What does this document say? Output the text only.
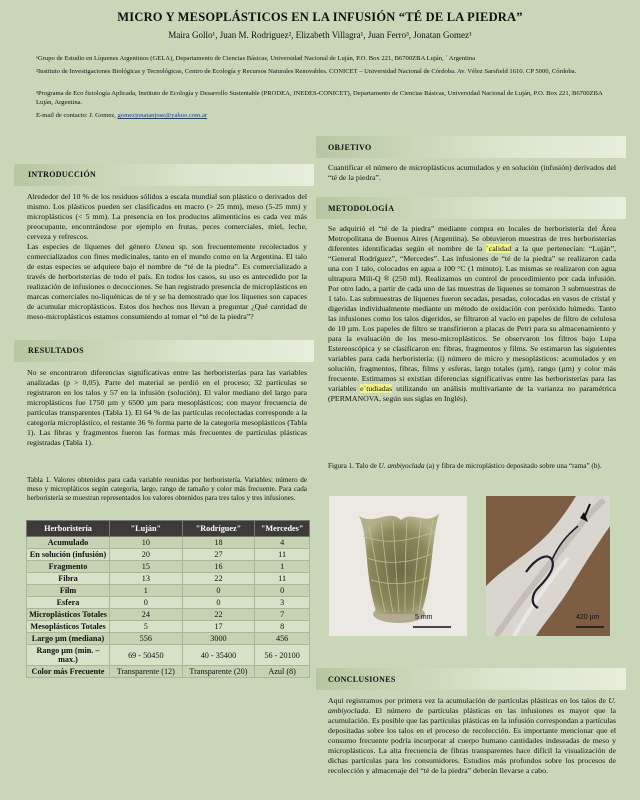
MICRO Y MESOPLÁSTICOS EN LA INFUSIÓN “TÉ DE LA PIEDRA”
Maira Gollo¹, Juan M. Rodriguez², Elizabeth Villagra¹, Juan Ferro³, Jonatan Gomez¹
¹Grupo de Estudio en Líquenes Argentinos (GELA), Departamento de Ciencias Básicas, Universidad Nacional de Luján, P.O. Box 221, B6700ZBA Luján, ´ Argentina
²Instituto de Investigaciones Biológicas y Tecnológicas, Centro de Ecología y Recursos Naturales Renovables. CONICET – Universidad Nacional de Córdoba. Av. Vélez Sarsfield 1610. CP 5000, Córdoba.
³Programa de Eco fisiología Aplicada, Instituto de Ecología y Desarrollo Sustentable (PRODEA, INEDES-CONICET), Departamento de Ciencias Básicas, Universidad Nacional de Luján, P.O. Box 221, B6700ZBA Luján, Argentina.
E-mail de contacto: J. Gomez, gomezjonatanjose@yahoo.com.ar
INTRODUCCIÓN
Alrededor del 10 % de los residuos sólidos a escala mundial son plástico o derivados del mismo. Los plásticos pueden ser clasificados en macro (> 25 mm), meso (5-25 mm) y microplásticos (< 5 mm). La presencia en los productos alimenticios es cada vez más preocupante, encontrándose por ejemplo en frutas, peces comerciales, miel, leche, cerveza y refrescos.
Las especies de líquenes del género Usnea sp. son frecuentemente recolectados y comercializados con fines medicinales, tanto en el mundo como en la Argentina. El talo de estas especies se adquiere bajo el nombre de “té de la piedra”. Es comercializado a través de herboristerías de todo el país. En todos los casos, su uso es antecedido por la realización de infusiones o decocciones. Se han registrado presencia de microplásticos en marcas comerciales no-liquénicas de té y se ha demostrado que los líquenes son capaces de acumular microplásticos. Estos dos hechos nos llevan a preguntar ¿Qué cantidad de meso-microplásticos estamos consumiendo al tomar el “té de la piedra”?
RESULTADOS
No se encontraron diferencias significativas entre las herboristerías para las variables analizadas (p > 0,05). Parte del material se perdió en el proceso; 32 partículas se registraron en los talos y 57 en la infusión (solución). El valor mediano del largo para microplásticos fue 1750 µm y 6500 µm para mesoplásticos; con mayor frecuencia de partículas transparentes (Tabla 1). El 64 % de las partículas recolectadas corresponde a la categoría microplástico, el restante 36 % forma parte de la categoría mesoplásticos (Tabla 1). Las fibras y fragmentos fueron las formas más frecuentes de partículas plásticas registradas (Tabla 1).
Tabla 1. Valores obtenidos para cada variable reunidas por herboristería. Variables: número de meso y micropláticos según categoría, largo, rango de tamaño y color más frecuente. Para cada herboristería se muestran representados los valores obtenidos para tres talos y tres infusiones.
Herboristería	"Luján"	"Rodríguez"	"Mercedes"
Acumulado	10	18	4
En solución (infusión)	20	27	11
Fragmento	15	16	1
Fibra	13	22	11
Film	1	0	0
Esfera	0	0	3
Microplásticos Totales	24	22	7
Mesoplásticos Totales	5	17	8
Largo µm (mediana)	556	3000	456
Rango µm (min. – max.)	69 - 50450	40 - 35400	56 - 20100
Color más Frecuente	Transparente (12)	Transparente (20)	Azul (8)
OBJETIVO
Cuantificar el número de microplásticos acumulados y en solución (infusión) derivados del “té de la piedra”.
METODOLOGÍA
Se adquirió el “té de la piedra” mediante compra en locales de herboristería del Área Metropolitana de Buenos Aires (Argentina). Se obtuvieron muestras de tres herboristerías diferentes identificadas según el nombre de la `calidad a la que pertenecían: “Luján”, “General Rodríguez”, “Mercedes”. Las infusiones de “té de la piedra” se realizaron cada una con 1 talo, colocados en agua a 100 °C (1 minuto). Las mismas se realizaron con agua ultrapura Mili-Q ® (250 ml). Realizamos un control de procedimiento por cada infusión. Por otro lado, a partir de cada uno de las muestras de líquenes se tomaron 3 submuestras de 1 talo. Las submuestras de líquenes fueron secadas, pesadas, colocadas en vasos de cristal y digeridas individualmente mediante un método de oxidación con peróxido húmedo. Tanto las infusiones como los talos digeridos, se filtraron al vacío en papeles de filtro de celulosa de 10 µm. Los papeles de filtro se transfirieron a placas de Petri para su almacenamiento y para la evaluación de los meso-microplásticos. Se observaron los filtros bajo Lupa Estereoscópica y se clasificaron en: fibras, fragmentos y films. Se estimaron las siguientes variables para cada herboristería: (i) número de micro y mesoplásticos: acumulados y en solución, fragmentos, fibras, films y esferas, largo totales (µm), rango (µm) y color más frecuente. Estimamos si existían diferencias significativas entre las herboristerías para las variables e`tudiadas utilizando un análisis multivariante de la varianza no paramétrica (PERMANOVA, según sus siglas en Inglés).
Figura 1. Talo de U. ambiyoclada (a) y fibra de microplástico depositado sobre una “rama” (b).
5 mm	420 µm
CONCLUSIONES
Aquí registramos por primera vez la acumulación de partículas plásticas en los talos de U. ambiyoclada. El número de partículas plásticas en las infusiones es mayor que la acumulación. Es posible que las partículas plásticas en la infusión correspondan a partículas depositadas sobre los talos en el proceso de recolección. Es importante mencionar que el consumo frecuente podría incorporar al cuerpo humano cantidades indeseadas de meso y microplásticos. La alta frecuencia de fibras transparentes hace difícil la visualización de dichas partículas para los consumidores. Estudios más profundos sobre los procesos de recolección y almacenaje del “té de la piedra” deberán llevarse a cabo.
